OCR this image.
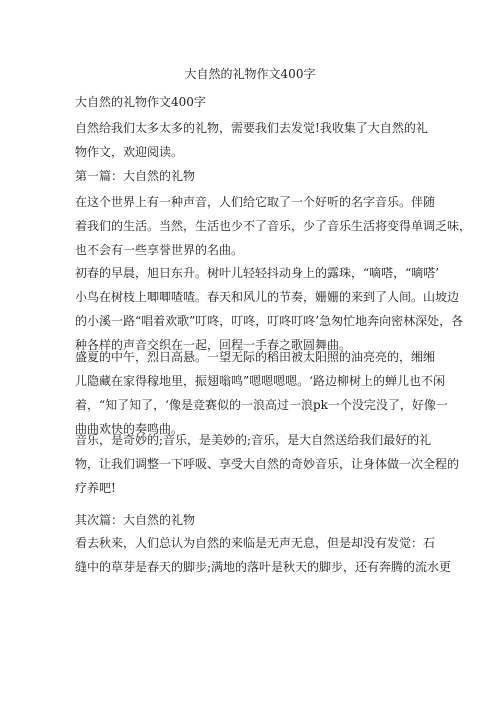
大自然的礼物作文400字

大自然的礼物作文400字

自然给我们太多太多的礼物，需要我们去发觉!我收集了大自然的礼
物作文，欢迎阅读。

第一篇：大自然的礼物

在这个世界上有一种声音，人们给它取了一个好听的名字音乐。伴随
着我们的生活。当然，生活也少不了音乐，少了音乐生活将变得单调乏味，
也不会有一些享誉世界的名曲。

初春的早晨，旭日东升。树叶儿轻轻抖动身上的露珠，“嘀嗒，“嘀嗒’
小鸟在树枝上唧唧喳喳。春天和风儿的节奏，姗姗的来到了人间。山坡边
的小溪一路“唱着欢歌”叮咚，叮咚，叮咚叮咚’急匆忙地奔向密林深处，各
种各样的声音交织在一起，回程一手春之歌圆舞曲。

盛夏的中午，烈日高悬。一望无际的稻田被太阳照的油亮亮的，缃缃
儿隐藏在家得稼地里，振翅嗡鸣”嗯嗯嗯嗯。‘路边柳树上的蝉儿也不闲
着，“知了知了，‘像是竞赛似的一浪高过一浪pk一个没完没了，好像一
曲曲欢快的奏鸣曲。

音乐，是奇妙的;音乐，是美妙的;音乐，是大自然送给我们最好的礼
物，让我们调整一下呼吸、享受大自然的奇妙音乐，让身体做一次全程的
疗养吧!

其次篇：大自然的礼物

看去秋来，人们总认为自然的来临是无声无息，但是却没有发觉：石
缝中的草芽是春天的脚步;满地的落叶是秋天的脚步，还有奔腾的流水更
